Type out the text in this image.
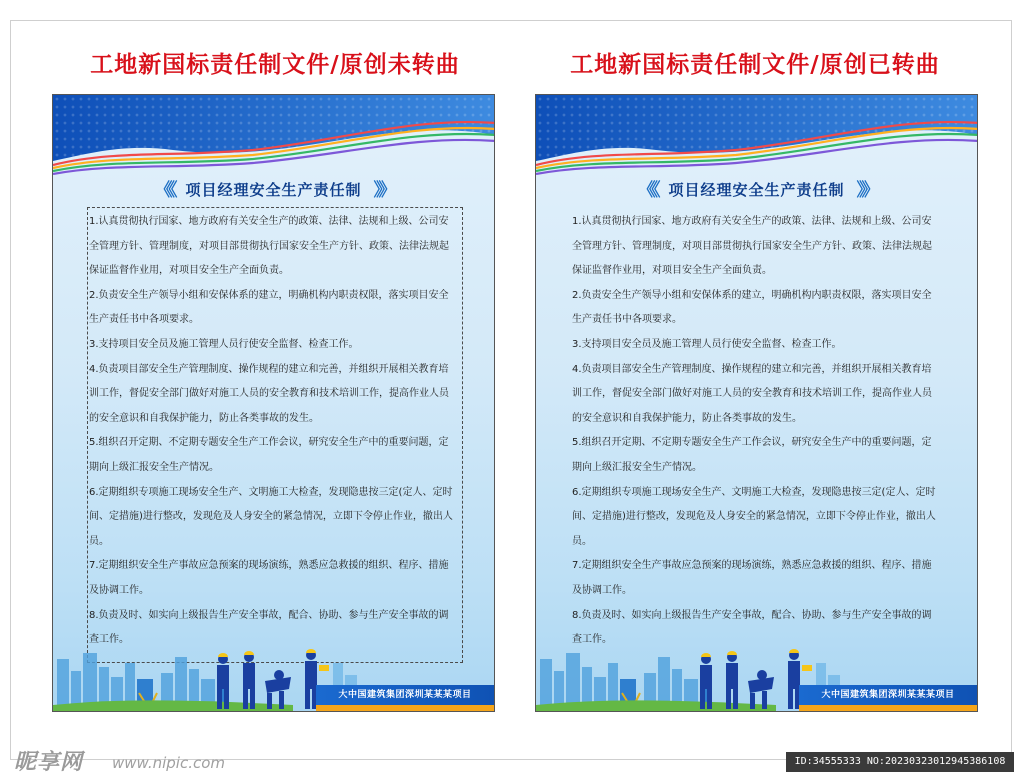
工地新国标责任制文件/原创未转曲	工地新国标责任制文件/原创已转曲
《《 项目经理安全生产责任制 》》

1.认真贯彻执行国家、地方政府有关安全生产的政策、法律、法规和上级、公司安全管理方针、管理制度，对项目部贯彻执行国家安全生产方针、政策、法律法规起保证监督作业用，对项目安全生产全面负责。

2.负责安全生产领导小组和安保体系的建立，明确机构内职责权限，落实项目安全生产责任书中各项要求。

3.支持项目安全员及施工管理人员行使安全监督、检查工作。

4.负责项目部安全生产管理制度、操作规程的建立和完善，并组织开展相关教育培训工作，督促安全部门做好对施工人员的安全教育和技术培训工作，提高作业人员的安全意识和自我保护能力，防止各类事故的发生。

5.组织召开定期、不定期专题安全生产工作会议，研究安全生产中的重要问题，定期向上级汇报安全生产情况。

6.定期组织专项施工现场安全生产、文明施工大检查，发现隐患按三定(定人、定时间、定措施)进行整改，发现危及人身安全的紧急情况，立即下令停止作业，撤出人员。

7.定期组织安全生产事故应急预案的现场演练，熟悉应急救援的组织、程序、措施及协调工作。

8.负责及时、如实向上级报告生产安全事故，配合、协助、参与生产安全事故的调查工作。

大中国建筑集团深圳某某某项目
《《 项目经理安全生产责任制 》》

1.认真贯彻执行国家、地方政府有关安全生产的政策、法律、法规和上级、公司安全管理方针、管理制度，对项目部贯彻执行国家安全生产方针、政策、法律法规起保证监督作业用，对项目安全生产全面负责。

2.负责安全生产领导小组和安保体系的建立，明确机构内职责权限，落实项目安全生产责任书中各项要求。

3.支持项目安全员及施工管理人员行使安全监督、检查工作。

4.负责项目部安全生产管理制度、操作规程的建立和完善，并组织开展相关教育培训工作，督促安全部门做好对施工人员的安全教育和技术培训工作，提高作业人员的安全意识和自我保护能力，防止各类事故的发生。

5.组织召开定期、不定期专题安全生产工作会议，研究安全生产中的重要问题，定期向上级汇报安全生产情况。

6.定期组织专项施工现场安全生产、文明施工大检查，发现隐患按三定(定人、定时间、定措施)进行整改，发现危及人身安全的紧急情况，立即下令停止作业，撤出人员。

7.定期组织安全生产事故应急预案的现场演练，熟悉应急救援的组织、程序、措施及协调工作。

8.负责及时、如实向上级报告生产安全事故，配合、协助、参与生产安全事故的调查工作。

大中国建筑集团深圳某某某项目
昵享网 www.nipic.com	ID:34555333 NO:20230323012945386108
